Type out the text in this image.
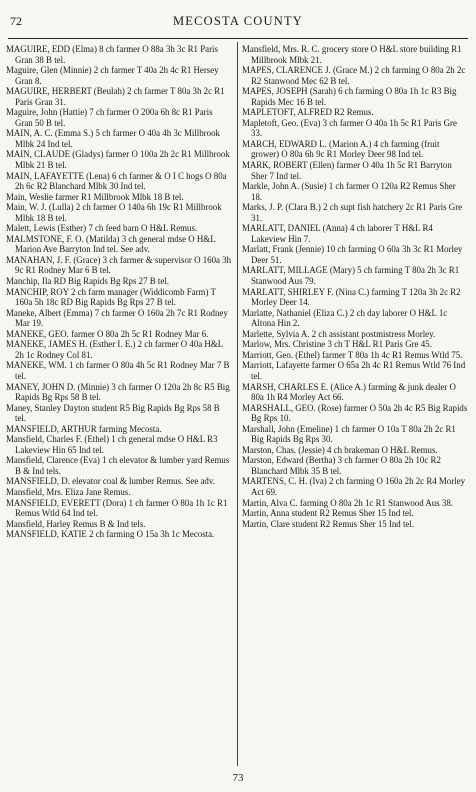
72	MECOSTA COUNTY
MAGUIRE, EDD (Elma) 8 ch farmer O 88a 3h 3c R1 Paris Gran 38 B tel.
Maguire, Glen (Minnie) 2 ch farmer T 40a 2h 4c R1 Hersey Gran 8.
MAGUIRE, HERBERT (Beulah) 2 ch farmer T 80a 3h 2c R1 Paris Gran 31.
Maguire, John (Hattie) 7 ch farmer O 200a 6h 8c R1 Paris Gran 50 B tel.
MAIN, A. C. (Emma S.) 5 ch farmer O 40a 4h 3c Millbrook Mlbk 24 Ind tel.
MAIN, CLAUDE (Gladys) farmer O 100a 2h 2c R1 Millbrook Mlbk 21 B tel.
MAIN, LAFAYETTE (Lena) 6 ch farmer & O I C hogs O 80a 2h 6c R2 Blanchard Mlbk 30 Ind tel.
Main, Weslie farmer R1 Millbrook Mlbk 18 B tel.
Main, W. J. (Lulla) 2 ch farmer O 140a 6h 19c R1 Millbrook Mlbk 18 B tel.
Malett, Lewis (Esther) 7 ch feed barn O H&L Remus.
MALMSTONE, F. O. (Matilda) 3 ch general mdse O H&L Marion Ave Barryton Ind tel. See adv.
MANAHAN, J. F. (Grace) 3 ch farmer & supervisor O 160a 3h 9c R1 Rodney Mar 6 B tel.
Manchip, Ila RD Big Rapids Bg Rps 27 B tel.
MANCHIP, ROY 2 ch farm manager (Widdicomb Farm) T 160a 5h 18c RD Big Rapids Bg Rps 27 B tel.
Maneke, Albert (Emma) 7 ch farmer O 160a 2h 7c R1 Rodney Mar 19.
MANEKE, GEO. farmer O 80a 2h 5c R1 Rodney Mar 6.
MANEKE, JAMES H. (Esther I. E.) 2 ch farmer O 40a H&L 2h 1c Rodney Col 81.
MANEKE, WM. 1 ch farmer O 80a 4h 5c R1 Rodney Mar 7 B tel.
MANEY, JOHN D. (Minnie) 3 ch farmer O 120a 2h 8c R5 Big Rapids Bg Rps 58 B tel.
Maney, Stanley Dayton student R5 Big Rapids Bg Rps 58 B tel.
MANSFIELD, ARTHUR farming Mecosta.
Mansfield, Charles F. (Ethel) 1 ch general mdse O H&L R3 Lakeview Hin 65 Ind tel.
Mansfield, Clarence (Eva) 1 ch elevator & lumber yard Remus B & Ind tels.
MANSFIELD, D. elevator coal & lumber Remus. See adv.
Mansfield, Mrs. Eliza Jane Remus.
MANSFIELD, EVERETT (Dora) 1 ch farmer O 80a 1h 1c R1 Remus Wtld 64 Ind tel.
Mansfield, Harley Remus B & Ind tels.
MANSFIELD, KATIE 2 ch farming O 15a 3h 1c Mecosta.
Mansfield, Mrs. R. C. grocery store O H&L store building R1 Millbrook Mlbk 21.
MAPES, CLARENCE J. (Grace M.) 2 ch farming O 80a 2h 2c R2 Stanwood Mec 62 B tel.
MAPES, JOSEPH (Sarah) 6 ch farming O 80a 1h 1c R3 Big Rapids Mec 16 B tel.
MAPLETOFT, ALFRED R2 Remus.
Mapletoft, Geo. (Eva) 3 ch farmer O 40a 1h 5c R1 Paris Gre 33.
MARCH, EDWARD L. (Marion A.) 4 ch farming (fruit grower) O 80a 6h 9c R1 Morley Deer 98 Ind tel.
MARK, ROBERT (Ellen) farmer O 40a 1h 5c R1 Barryton Sher 7 Ind tel.
Markle, John A. (Susie) 1 ch farmer O 120a R2 Remus Sher 18.
Marks, J. P. (Clara B.) 2 ch supt fish hatchery 2c R1 Paris Gre 31.
MARLATT, DANIEL (Anna) 4 ch laborer T H&L R4 Lakeview Hin 7.
Marlatt, Frank (Jennie) 10 ch farming O 60a 3h 3c R1 Morley Deer 51.
MARLATT, MILLAGE (Mary) 5 ch farming T 80a 2h 3c R1 Stanwood Aus 79.
MARLATT, SHIRLEY F. (Nina C.) farming T 120a 3h 2c R2 Morley Deer 14.
Marlatte, Nathaniel (Eliza C.) 2 ch day laborer O H&L 1c Altona Hin 2.
Marlette, Sylvia A. 2 ch assistant postmistress Morley.
Marlow, Mrs. Christine 3 ch T H&L R1 Paris Gre 45.
Marriott, Geo. (Ethel) farmer T 80a 1h 4c R1 Remus Wtld 75.
Marriott, Lafayette farmer O 65a 2h 4c R1 Remus Wtld 76 Ind tel.
MARSH, CHARLES E. (Alice A.) farming & junk dealer O 80a 1h R4 Morley Act 66.
MARSHALL, GEO. (Rose) farmer O 50a 2h 4c R5 Big Rapids Bg Rps 10.
Marshall, John (Emeline) 1 ch farmer O 10a T 80a 2h 2c R1 Big Rapids Bg Rps 30.
Marston, Chas. (Jessie) 4 ch brakeman O H&L Remus.
Marston, Edward (Bertha) 3 ch farmer O 80a 2h 10c R2 Blanchard Mlbk 35 B tel.
MARTENS, C. H. (Iva) 2 ch farming O 160a 2h 2c R4 Morley Act 69.
Martin, Alva C. farming O 80a 2h 1c R1 Stanwood Aus 38.
Martin, Anna student R2 Remus Sher 15 Ind tel.
Martin, Clare student R2 Remus Sher 15 Ind tel.
73
